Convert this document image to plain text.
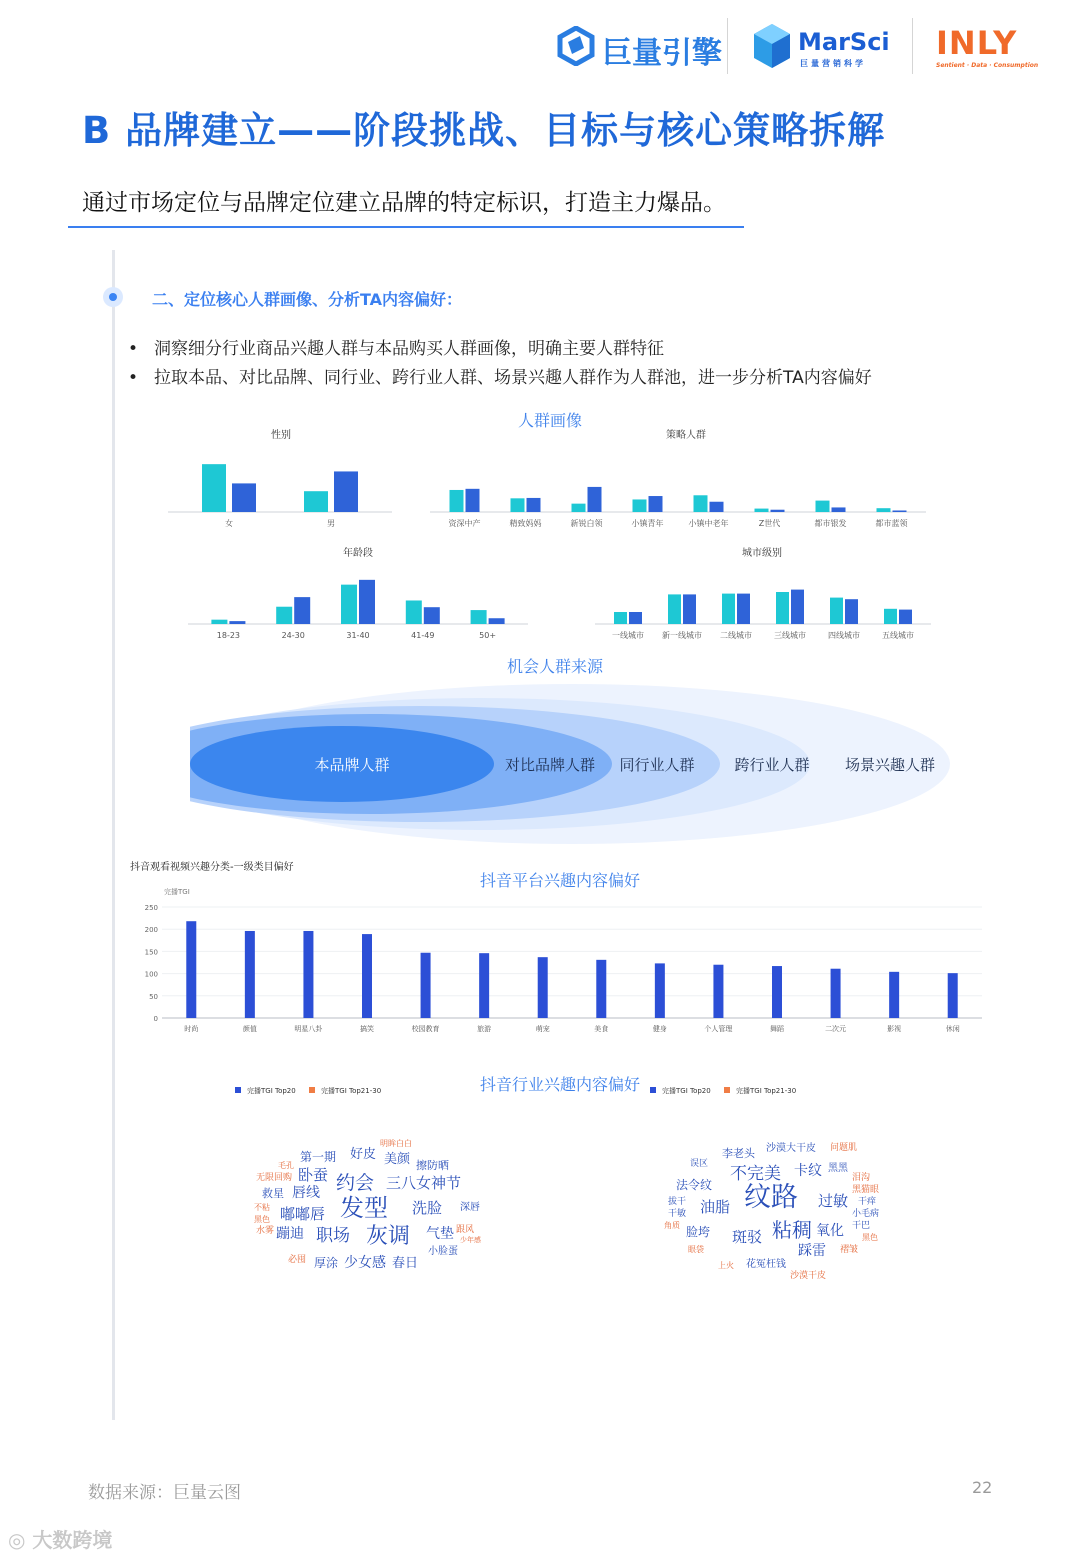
巨量引擎	MarSci
巨量营销科学
INLY
Sentient · Data · Consumption
B 品牌建立——阶段挑战、目标与核心策略拆解
通过市场定位与品牌定位建立品牌的特定标识，打造主力爆品。
二、定位核心人群画像、分析TA内容偏好：
• 洞察细分行业商品兴趣人群与本品购买人群画像，明确主要人群特征
• 拉取本品、对比品牌、同行业、跨行业人群、场景兴趣人群作为人群池，进一步分析TA内容偏好
人群画像
性别
女	男
策略人群
资深中产	精致妈妈	新锐白领	小镇青年	小镇中老年	Z世代	都市银发	都市蓝领
年龄段
18-23	24-30	31-40	41-49	50+
城市级别
一线城市 新一线城市 二线城市	三线城市	四线城市	五线城市
机会人群来源
本品牌人群	对比品牌人群 同行业人群	跨行业人群 场景兴趣人群
抖音观看视频兴趣分类-一级类目偏好
抖音平台兴趣内容偏好
完播TGI
0
50
100
150
200
250
时尚	颜值	明星八卦	搞笑	校园教育	旅游	萌宠	美食	健身	个人管理	舞蹈	二次元	影视	休闲
抖音行业兴趣内容偏好
完播TGI Top20	完播TGI Top21-30	完播TGI Top20	完播TGI Top21-30
明眸白白
好皮
第一期	美颜
毛孔	擦防晒
无限回购 卧蚕 约会 三八女神节
救星 唇线
不粘 嘟嘟唇 发型 洗脸 深唇
黑色
水雾 蹦迪 职场 灰调 气垫 跟风
少年感
小脸蛋
必囤 厚涂 少女感 春日
李老头 沙漠大干皮 问题肌
误区 不完美 卡纹 黑黑
法令纹	泪沟
拔干 纹路 过敏
黑猫眼
干痒
干敏 油脂	小毛病
角质 脸垮	粘稠 氧化 干巴
斑驳	黑色
眼袋	踩雷 褶皱
上火 花冤枉钱
沙漠干皮
数据来源：巨量云图	22
◎ 大数跨境
